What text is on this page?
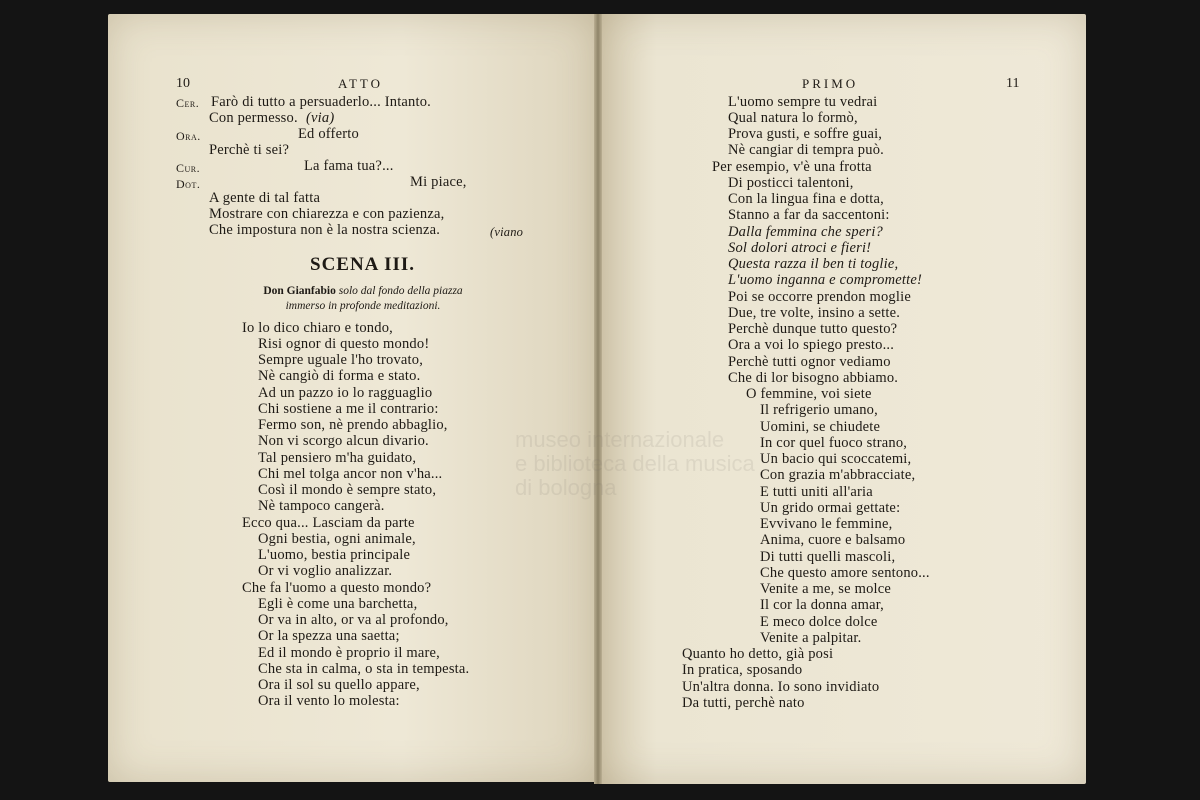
museo internazionale
e biblioteca della musica
di bologna
10	ATTO
Cer. Farò di tutto a persuaderlo... Intanto.
Con permesso. (via)
Ora.	Ed offerto
Perchè ti sei?
Cur.	La fama tua?...
Dot.	Mi piace,
A gente di tal fatta
Mostrare con chiarezza e con pazienza,
Che impostura non è la nostra scienza.	(viano
SCENA III.
Don Gianfabio solo dal fondo della piazza
immerso in profonde meditazioni.
Io lo dico chiaro e tondo,
Risi ognor di questo mondo!
Sempre uguale l'ho trovato,
Nè cangiò di forma e stato.
Ad un pazzo io lo ragguaglio
Chi sostiene a me il contrario:
Fermo son, nè prendo abbaglio,
Non vi scorgo alcun divario.
Tal pensiero m'ha guidato,
Chi mel tolga ancor non v'ha...
Così il mondo è sempre stato,
Nè tampoco cangerà.
Ecco qua... Lasciam da parte
Ogni bestia, ogni animale,
L'uomo, bestia principale
Or vi voglio analizzar.
Che fa l'uomo a questo mondo?
Egli è come una barchetta,
Or va in alto, or va al profondo,
Or la spezza una saetta;
Ed il mondo è proprio il mare,
Che sta in calma, o sta in tempesta.
Ora il sol su quello appare,
Ora il vento lo molesta:
PRIMO	11
L'uomo sempre tu vedrai
Qual natura lo formò,
Prova gusti, e soffre guai,
Nè cangiar di tempra può.
Per esempio, v'è una frotta
Di posticci talentoni,
Con la lingua fina e dotta,
Stanno a far da saccentoni:
Dalla femmina che speri?
Sol dolori atroci e fieri!
Questa razza il ben ti toglie,
L'uomo inganna e compromette!
Poi se occorre prendon moglie
Due, tre volte, insino a sette.
Perchè dunque tutto questo?
Ora a voi lo spiego presto...
Perchè tutti ognor vediamo
Che di lor bisogno abbiamo.
O femmine, voi siete
Il refrigerio umano,
Uomini, se chiudete
In cor quel fuoco strano,
Un bacio qui scoccatemi,
Con grazia m'abbracciate,
E tutti uniti all'aria
Un grido ormai gettate:
Evvivano le femmine,
Anima, cuore e balsamo
Di tutti quelli mascoli,
Che questo amore sentono...
Venite a me, se molce
Il cor la donna amar,
E meco dolce dolce
Venite a palpitar.
Quanto ho detto, già posi
In pratica, sposando
Un'altra donna. Io sono invidiato
Da tutti, perchè nato
